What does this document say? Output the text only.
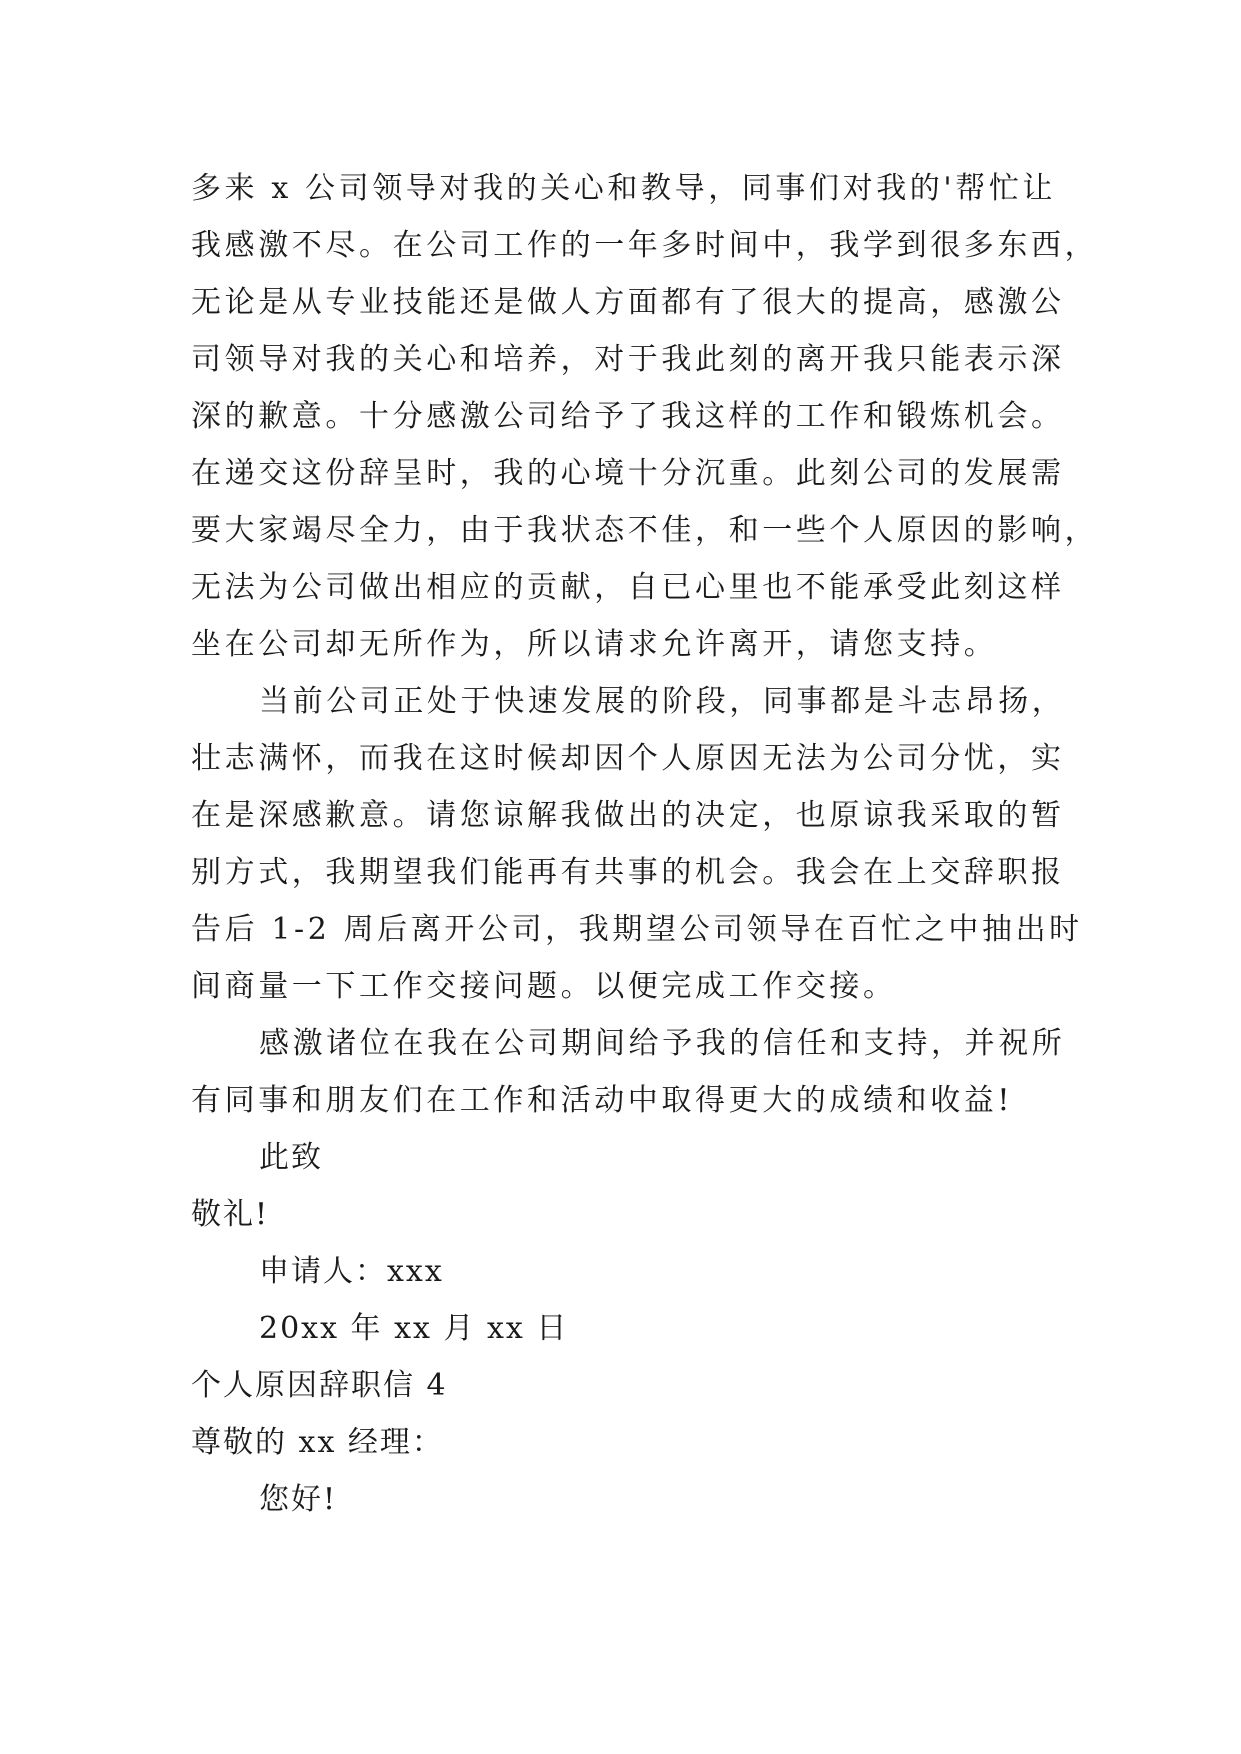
多来 x 公司领导对我的关心和教导，同事们对我的'帮忙让
我感激不尽。在公司工作的一年多时间中，我学到很多东西，
无论是从专业技能还是做人方面都有了很大的提高，感激公
司领导对我的关心和培养，对于我此刻的离开我只能表示深
深的歉意。十分感激公司给予了我这样的工作和锻炼机会。
在递交这份辞呈时，我的心境十分沉重。此刻公司的发展需
要大家竭尽全力，由于我状态不佳，和一些个人原因的影响，
无法为公司做出相应的贡献，自已心里也不能承受此刻这样
坐在公司却无所作为，所以请求允许离开，请您支持。
当前公司正处于快速发展的阶段，同事都是斗志昂扬，
壮志满怀，而我在这时候却因个人原因无法为公司分忧，实
在是深感歉意。请您谅解我做出的决定，也原谅我采取的暂
别方式，我期望我们能再有共事的机会。我会在上交辞职报
告后 1-2 周后离开公司，我期望公司领导在百忙之中抽出时
间商量一下工作交接问题。以便完成工作交接。
感激诸位在我在公司期间给予我的信任和支持，并祝所
有同事和朋友们在工作和活动中取得更大的成绩和收益!
此致
敬礼!
申请人：xxx
20xx 年 xx 月 xx 日
个人原因辞职信 4
尊敬的 xx 经理：
您好!
